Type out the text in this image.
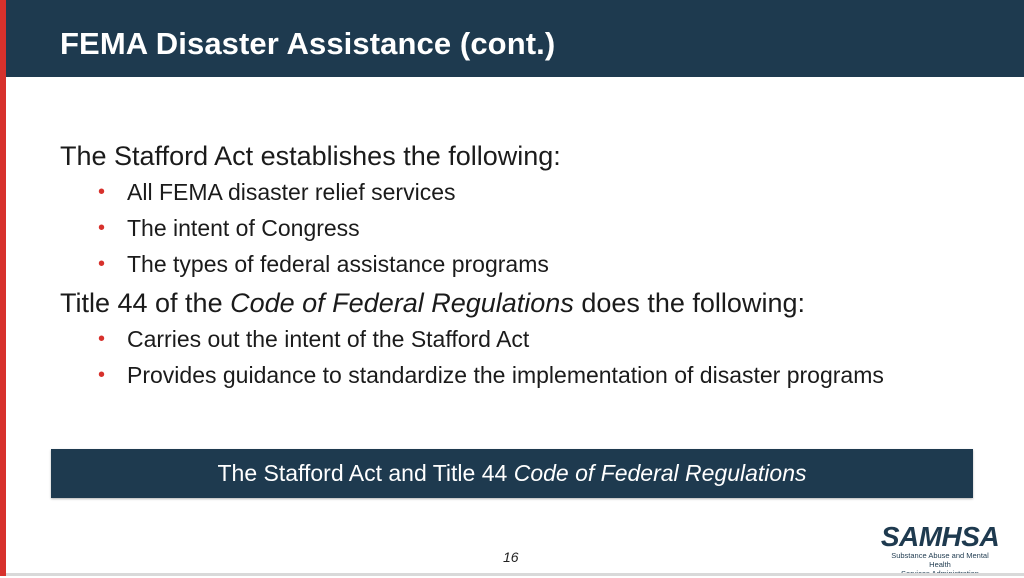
FEMA Disaster Assistance (cont.)

The Stafford Act establishes the following:

• All FEMA disaster relief services
• The intent of Congress
• The types of federal assistance programs

Title 44 of the Code of Federal Regulations does the following:

• Carries out the intent of the Stafford Act
• Provides guidance to standardize the implementation of disaster programs
The Stafford Act and Title 44 Code of Federal Regulations
16
SAMHSA
Substance Abuse and Mental Health
